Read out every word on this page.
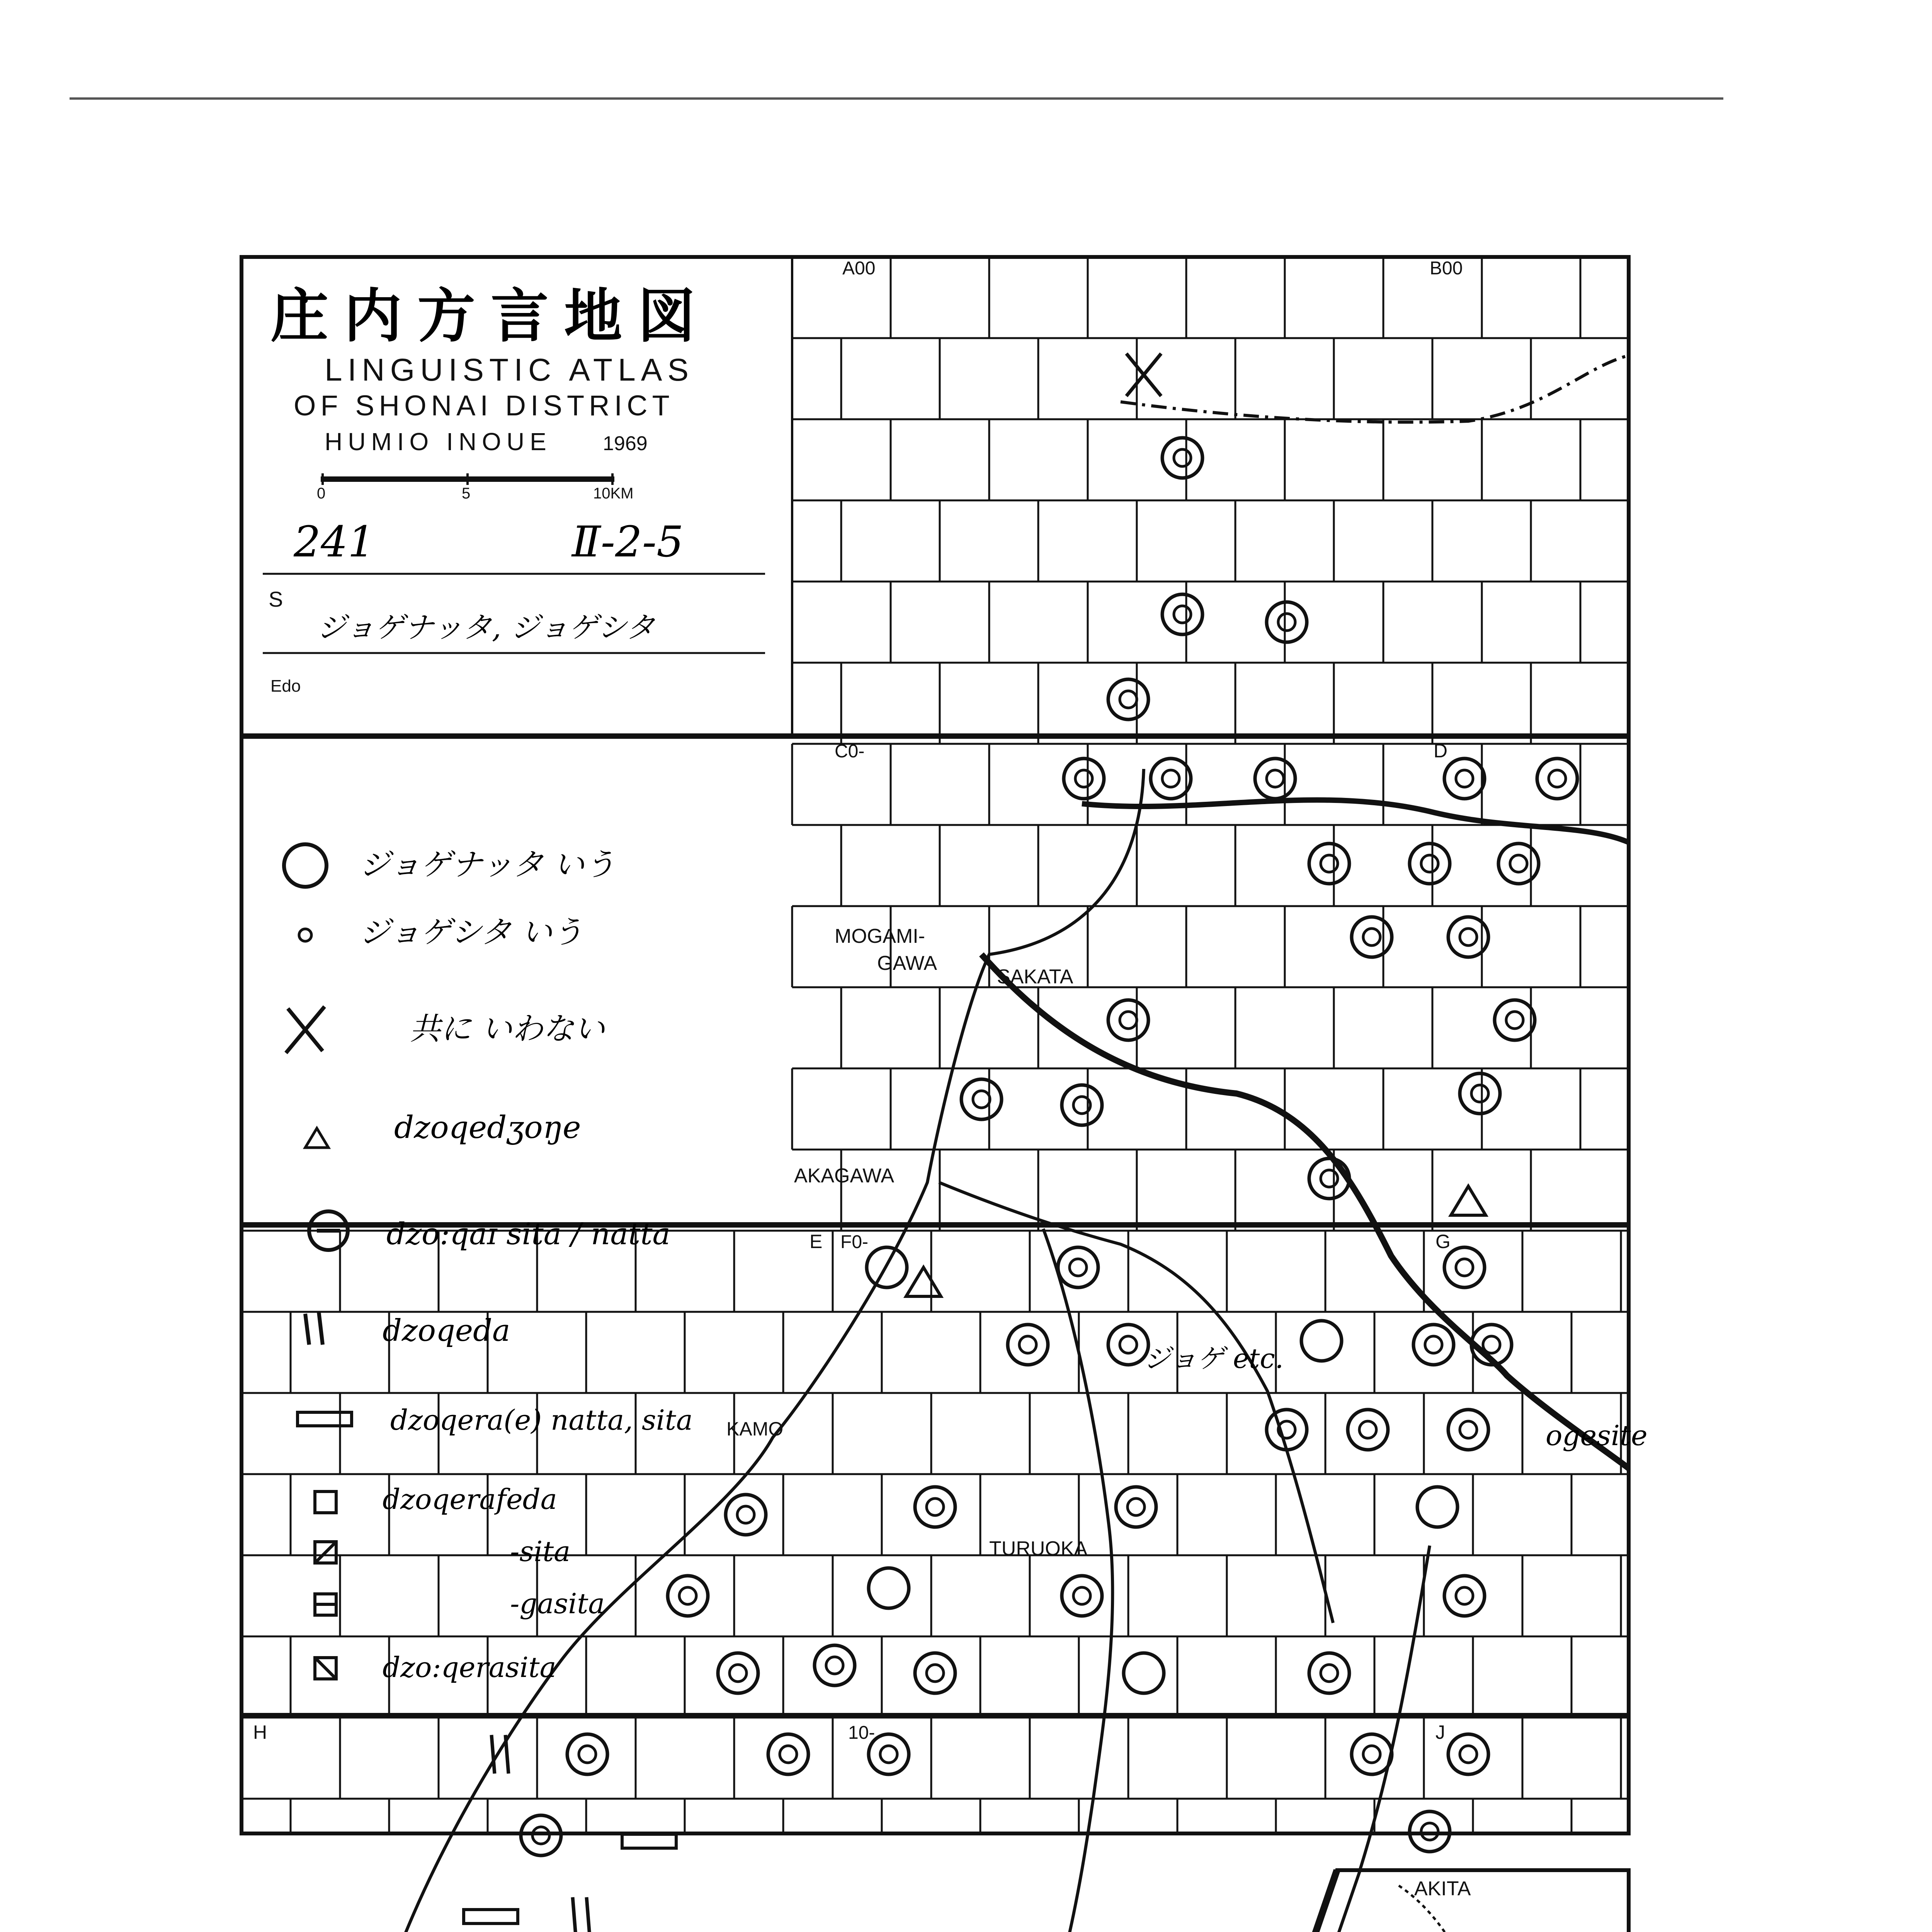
庄内方言地図
LINGUISTIC ATLAS
OF SHONAI DISTRICT
HUMIO INOUE	1969
0	5	10KM
241	Ⅱ-2-5
S
ジョゲナッタ, ジョゲシタ
Edo
ジョゲナッタ いう
ジョゲシタ いう
共に いわない
dzoqedʒoŋe
dzo:qaɪ sita / natta
dzoqeda
dzoqera(e) natta, sita
dzoqerafeda
-sita
-gasita
dzo:qerasita
A00	B00
C0-	D
E F0-	G
H	10-	J
MOGAMI-
GAWA
SAKATA
AKAGAWA
TURUOKA
KAMO
AKITA
ジョゲ etc.
ogesite
